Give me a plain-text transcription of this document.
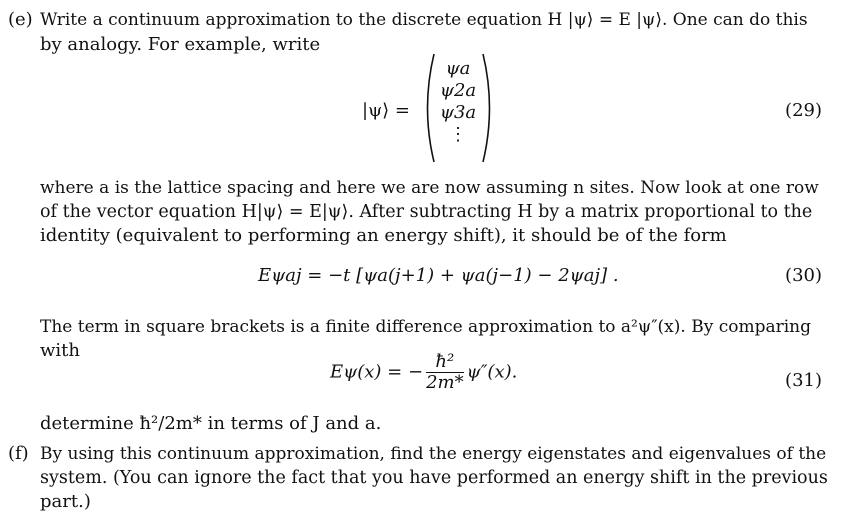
(e) Write a continuum approximation to the discrete equation H |ψ⟩ = E |ψ⟩. One can do this
by analogy. For example, write
|ψ⟩ =
ψa
ψ2a
ψ3a
⋮
(29)
where a is the lattice spacing and here we are now assuming n sites. Now look at one row
of the vector equation H|ψ⟩ = E|ψ⟩. After subtracting H by a matrix proportional to the
identity (equivalent to performing an energy shift), it should be of the form
Eψaj = −t [ψa(j+1) + ψa(j−1) − 2ψaj] .	(30)
The term in square brackets is a finite difference approximation to a²ψ″(x). By comparing
with
Eψ(x) = − $\frac{\text{ħ²}}{2m*} \psi''(x)$.	(31)
determine ħ²/2m* in terms of J and a.
(f) By using this continuum approximation, find the energy eigenstates and eigenvalues of the
system. (You can ignore the fact that you have performed an energy shift in the previous
part.)
